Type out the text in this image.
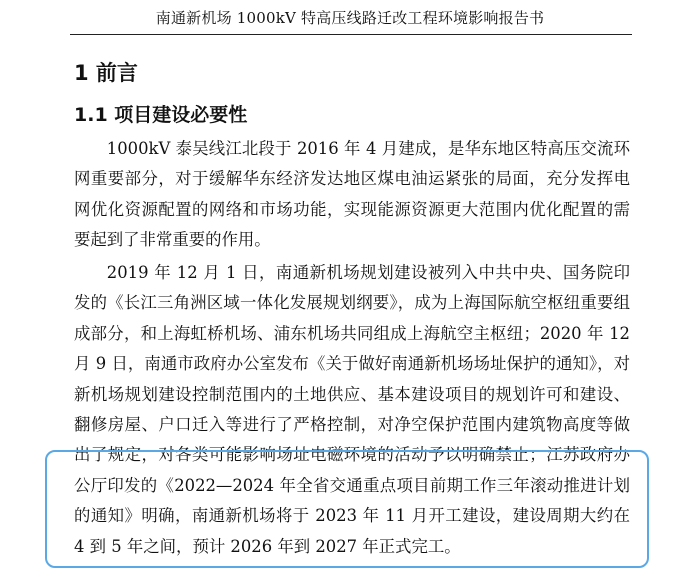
南通新机场 1000kV 特高压线路迁改工程环境影响报告书
1 前言
1.1 项目建设必要性

1000kV 泰吴线江北段于 2016 年 4 月建成，是华东地区特高压交流环网重要部分，对于缓解华东经济发达地区煤电油运紧张的局面，充分发挥电网优化资源配置的网络和市场功能，实现能源资源更大范围内优化配置的需要起到了非常重要的作用。

2019 年 12 月 1 日，南通新机场规划建设被列入中共中央、国务院印发的《长江三角洲区域一体化发展规划纲要》，成为上海国际航空枢纽重要组成部分，和上海虹桥机场、浦东机场共同组成上海航空主枢纽；2020 年 12 月 9 日，南通市政府办公室发布《关于做好南通新机场场址保护的通知》，对新机场规划建设控制范围内的土地供应、基本建设项目的规划许可和建设、翻修房屋、户口迁入等进行了严格控制，对净空保护范围内建筑物高度等做出了规定，对各类可能影响场址电磁环境的活动予以明确禁止；江苏政府办公厅印发的《2022—2024 年全省交通重点项目前期工作三年滚动推进计划的通知》明确，南通新机场将于 2023 年 11 月开工建设，建设周期大约在 4 到 5 年之间，预计 2026 年到 2027 年正式完工。
